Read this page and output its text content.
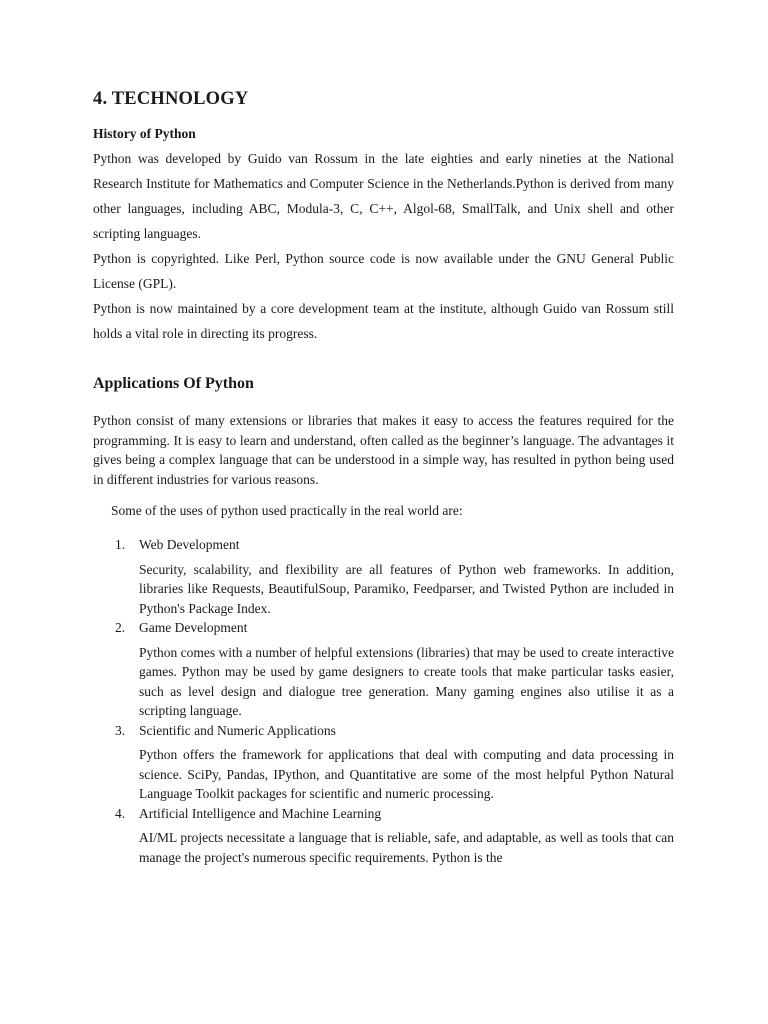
4. TECHNOLOGY
History of Python

Python was developed by Guido van Rossum in the late eighties and early nineties at the National Research Institute for Mathematics and Computer Science in the Netherlands.Python is derived from many other languages, including ABC, Modula-3, C, C++, Algol-68, SmallTalk, and Unix shell and other scripting languages.

Python is copyrighted. Like Perl, Python source code is now available under the GNU General Public License (GPL).

Python is now maintained by a core development team at the institute, although Guido van Rossum still holds a vital role in directing its progress.

Applications Of Python

Python consist of many extensions or libraries that makes it easy to access the features required for the programming. It is easy to learn and understand, often called as the beginner’s language. The advantages it gives being a complex language that can be understood in a simple way, has resulted in python being used in different industries for various reasons.

Some of the uses of python used practically in the real world are:

1. Web Development

Security, scalability, and flexibility are all features of Python web frameworks. In addition, libraries like Requests, BeautifulSoup, Paramiko, Feedparser, and Twisted Python are included in Python's Package Index.

2. Game Development

Python comes with a number of helpful extensions (libraries) that may be used to create interactive games. Python may be used by game designers to create tools that make particular tasks easier, such as level design and dialogue tree generation. Many gaming engines also utilise it as a scripting language.

3. Scientific and Numeric Applications

Python offers the framework for applications that deal with computing and data processing in science. SciPy, Pandas, IPython, and Quantitative are some of the most helpful Python Natural Language Toolkit packages for scientific and numeric processing.

4. Artificial Intelligence and Machine Learning

AI/ML projects necessitate a language that is reliable, safe, and adaptable, as well as tools that can manage the project's numerous specific requirements. Python is the
